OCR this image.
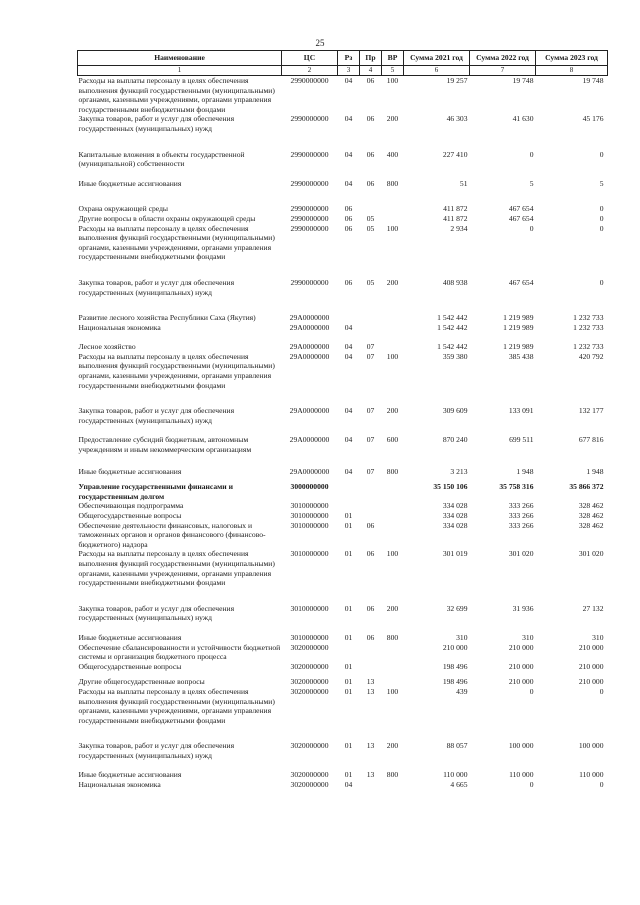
25
Наименование	ЦС	Рз	Пр	ВР	Сумма 2021 год	Сумма 2022 год	Сумма 2023 год
1	2	3	4	5	6	7	8
Расходы на выплаты персоналу в целях обеспечения выполнения функций государственными (муниципальными) органами, казенными учреждениями, органами управления государственными внебюджетными фондами	2990000000	04	06	100	19 257	19 748	19 748
Закупка товаров, работ и услуг для обеспечения государственных (муниципальных) нужд	2990000000	04	06	200	46 303	41 630	45 176
Капитальные вложения в объекты государственной (муниципальной) собственности	2990000000	04	06	400	227 410	0	0
Иные бюджетные ассигнования	2990000000	04	06	800	51	5	5
Охрана окружающей среды	2990000000	06			411 872	467 654	0
Другие вопросы в области охраны окружающей среды	2990000000	06	05		411 872	467 654	0
Расходы на выплаты персоналу в целях обеспечения выполнения функций государственными (муниципальными) органами, казенными учреждениями, органами управления государственными внебюджетными фондами	2990000000	06	05	100	2 934	0	0
Закупка товаров, работ и услуг для обеспечения государственных (муниципальных) нужд	2990000000	06	05	200	408 938	467 654	0
Развитие лесного хозяйства Республики Саха (Якутия)	29А0000000				1 542 442	1 219 989	1 232 733
Национальная экономика	29А0000000	04			1 542 442	1 219 989	1 232 733
Лесное хозяйство	29А0000000	04	07		1 542 442	1 219 989	1 232 733
Расходы на выплаты персоналу в целях обеспечения выполнения функций государственными (муниципальными) органами, казенными учреждениями, органами управления государственными внебюджетными фондами	29А0000000	04	07	100	359 380	385 438	420 792
Закупка товаров, работ и услуг для обеспечения государственных (муниципальных) нужд	29А0000000	04	07	200	309 609	133 091	132 177
Предоставление субсидий бюджетным, автономным учреждениям и иным некоммерческим организациям	29А0000000	04	07	600	870 240	699 511	677 816
Иные бюджетные ассигнования	29А0000000	04	07	800	3 213	1 948	1 948
Управление государственными финансами и государственным долгом	3000000000				35 150 106	35 758 316	35 866 372
Обеспечивающая подпрограмма	3010000000				334 028	333 266	328 462
Общегосударственные вопросы	3010000000	01			334 028	333 266	328 462
Обеспечение деятельности финансовых, налоговых и таможенных органов и органов финансового (финансово-бюджетного) надзора	3010000000	01	06		334 028	333 266	328 462
Расходы на выплаты персоналу в целях обеспечения выполнения функций государственными (муниципальными) органами, казенными учреждениями, органами управления государственными внебюджетными фондами	3010000000	01	06	100	301 019	301 020	301 020
Закупка товаров, работ и услуг для обеспечения государственных (муниципальных) нужд	3010000000	01	06	200	32 699	31 936	27 132
Иные бюджетные ассигнования	3010000000	01	06	800	310	310	310
Обеспечение сбалансированности и устойчивости бюджетной системы и организация бюджетного процесса	3020000000				210 000	210 000	210 000
Общегосударственные вопросы	3020000000	01			198 496	210 000	210 000
Другие общегосударственные вопросы	3020000000	01	13		198 496	210 000	210 000
Расходы на выплаты персоналу в целях обеспечения выполнения функций государственными (муниципальными) органами, казенными учреждениями, органами управления государственными внебюджетными фондами	3020000000	01	13	100	439	0	0
Закупка товаров, работ и услуг для обеспечения государственных (муниципальных) нужд	3020000000	01	13	200	88 057	100 000	100 000
Иные бюджетные ассигнования	3020000000	01	13	800	110 000	110 000	110 000
Национальная экономика	3020000000	04			4 665	0	0
